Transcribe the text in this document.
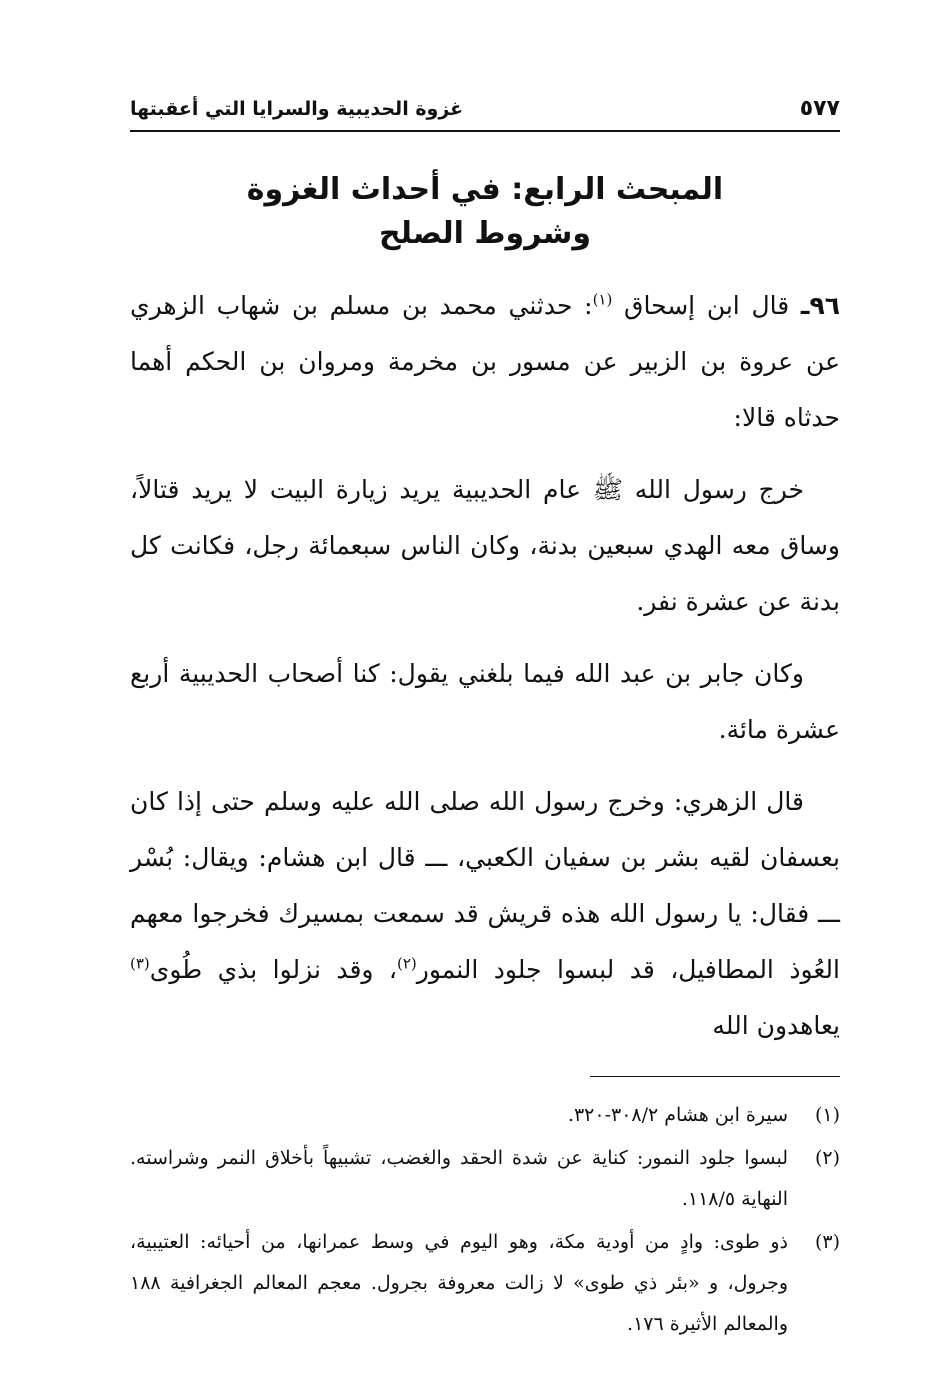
٥٧٧
غزوة الحديبية والسرايا التي أعقبتها
المبحث الرابع: في أحداث الغزوة وشروط الصلح

٩٦ـ قال ابن إسحاق $^{(١)}$: حدثني محمد بن مسلم بن شهاب الزهري عن عروة بن الزبير عن مسور بن مخرمة ومروان بن الحكم أهما حدثاه قالا:

خرج رسول الله ﷺ عام الحديبية يريد زيارة البيت لا يريد قتالاً، وساق معه الهدي سبعين بدنة، وكان الناس سبعمائة رجل، فكانت كل بدنة عن عشرة نفر.

وكان جابر بن عبد الله فيما بلغني يقول: كنا أصحاب الحديبية أربع عشرة مائة.

قال الزهري: وخرج رسول الله صلى الله عليه وسلم حتى إذا كان بعسفان لقيه بشر بن سفيان الكعبي، ـــ قال ابن هشام: ويقال: بُسْر ـــ فقال: يا رسول الله هذه قريش قد سمعت بمسيرك فخرجوا معهم العُوذ المطافيل، قد لبسوا جلود النمور$^{(٢)}$، وقد نزلوا بذي طُوى$^{(٣)}$ يعاهدون الله

(١)
سيرة ابن هشام ٣٠٨/٢-٣٢٠.
(٢)
لبسوا جلود النمور: كناية عن شدة الحقد والغضب، تشبيهاً بأخلاق النمر وشراسته. النهاية ١١٨/٥.
(٣)
ذو طوى: وادٍ من أودية مكة، وهو اليوم في وسط عمرانها، من أحيائه: العتيبية، وجرول، و «بئر ذي طوى» لا زالت معروفة بجرول. معجم المعالم الجغرافية ١٨٨ والمعالم الأثيرة ١٧٦.
